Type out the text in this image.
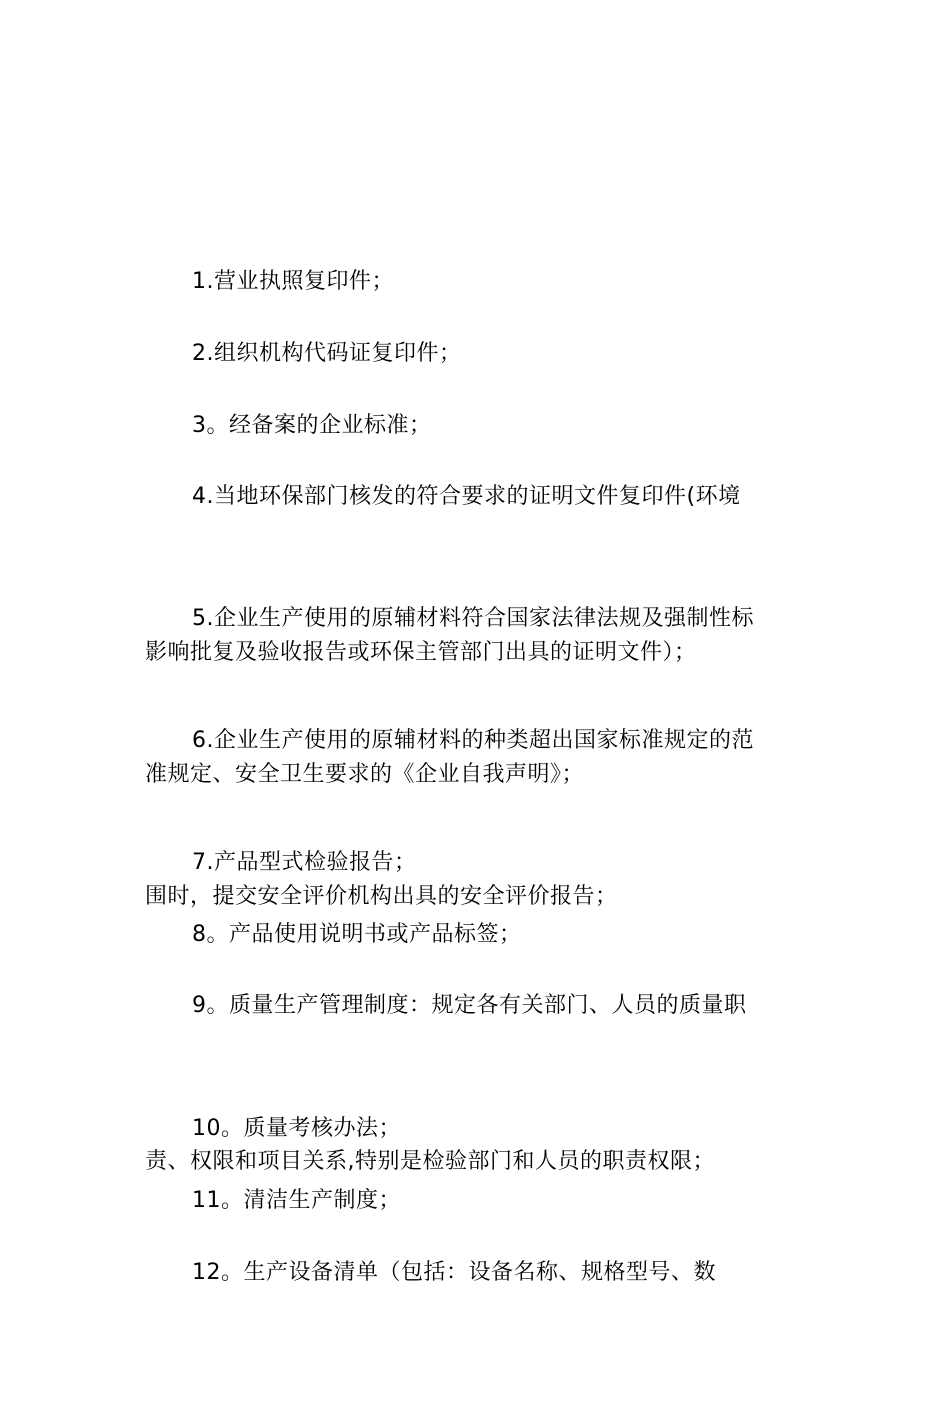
1.营业执照复印件；

2.组织机构代码证复印件；

3。经备案的企业标准；

4.当地环保部门核发的符合要求的证明文件复印件(环境

影响批复及验收报告或环保主管部门出具的证明文件）；

5.企业生产使用的原辅材料符合国家法律法规及强制性标

准规定、安全卫生要求的《企业自我声明》；

6.企业生产使用的原辅材料的种类超出国家标准规定的范

围时，提交安全评价机构出具的安全评价报告；

7.产品型式检验报告；

8。产品使用说明书或产品标签；

9。质量生产管理制度：规定各有关部门、人员的质量职

责、权限和项目关系,特别是检验部门和人员的职责权限；

10。质量考核办法；

11。清洁生产制度；

12。生产设备清单（包括：设备名称、规格型号、数
